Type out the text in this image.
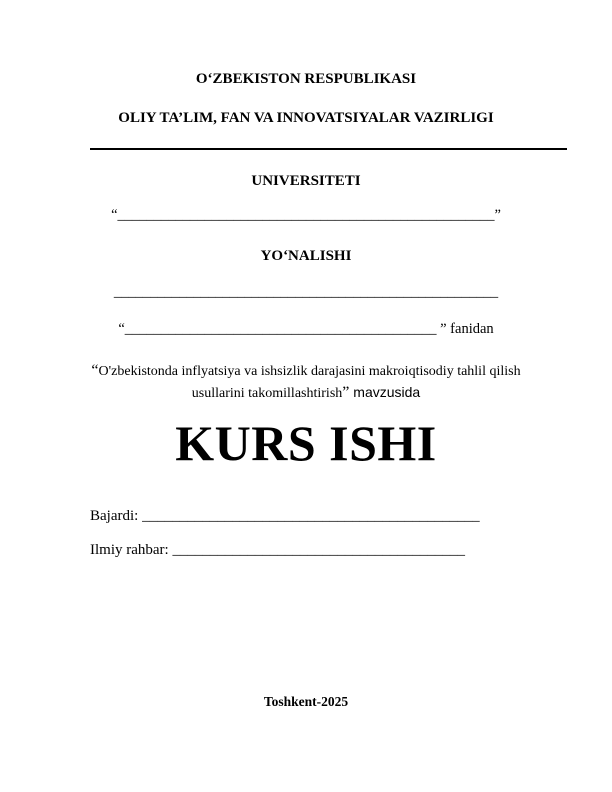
O‘ZBEKISTON RESPUBLIKASI
OLIY TA’LIM, FAN VA INNOVATSIYALAR VAZIRLIGI
UNIVERSITETI
“____________________________________________________”
YO‘NALISHI
_____________________________________________________
“___________________________________________ ” fanidan
“O'zbekistonda inflyatsiya va ishsizlik darajasini makroiqtisodiy tahlil qilish
usullarini takomillashtirish” mavzusida
KURS ISHI
Bajardi: _____________________________________________
Ilmiy rahbar: _______________________________________
Toshkent-2025
